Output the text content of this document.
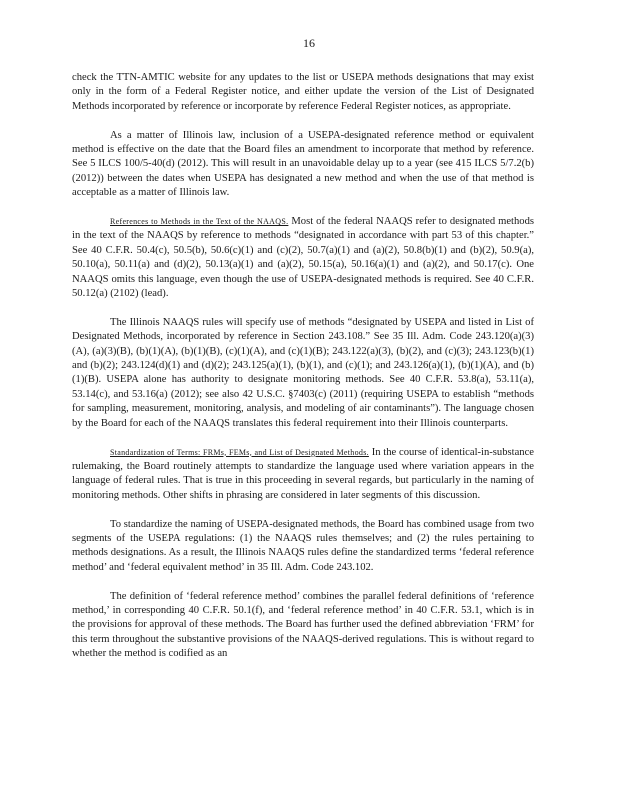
16

check the TTN-AMTIC website for any updates to the list or USEPA methods designations that may exist only in the form of a Federal Register notice, and either update the version of the List of Designated Methods incorporated by reference or incorporate by reference Federal Register notices, as appropriate.

As a matter of Illinois law, inclusion of a USEPA-designated reference method or equivalent method is effective on the date that the Board files an amendment to incorporate that method by reference. See 5 ILCS 100/5-40(d) (2012). This will result in an unavoidable delay up to a year (see 415 ILCS 5/7.2(b) (2012)) between the dates when USEPA has designated a new method and when the use of that method is acceptable as a matter of Illinois law.

References to Methods in the Text of the NAAQS. Most of the federal NAAQS refer to designated methods in the text of the NAAQS by reference to methods “designated in accordance with part 53 of this chapter.” See 40 C.F.R. 50.4(c), 50.5(b), 50.6(c)(1) and (c)(2), 50.7(a)(1) and (a)(2), 50.8(b)(1) and (b)(2), 50.9(a), 50.10(a), 50.11(a) and (d)(2), 50.13(a)(1) and (a)(2), 50.15(a), 50.16(a)(1) and (a)(2), and 50.17(c). One NAAQS omits this language, even though the use of USEPA-designated methods is required. See 40 C.F.R. 50.12(a) (2102) (lead).

The Illinois NAAQS rules will specify use of methods “designated by USEPA and listed in List of Designated Methods, incorporated by reference in Section 243.108.” See 35 Ill. Adm. Code 243.120(a)(3)(A), (a)(3)(B), (b)(1)(A), (b)(1)(B), (c)(1)(A), and (c)(1)(B); 243.122(a)(3), (b)(2), and (c)(3); 243.123(b)(1) and (b)(2); 243.124(d)(1) and (d)(2); 243.125(a)(1), (b)(1), and (c)(1); and 243.126(a)(1), (b)(1)(A), and (b)(1)(B). USEPA alone has authority to designate monitoring methods. See 40 C.F.R. 53.8(a), 53.11(a), 53.14(c), and 53.16(a) (2012); see also 42 U.S.C. §7403(c) (2011) (requiring USEPA to establish “methods for sampling, measurement, monitoring, analysis, and modeling of air contaminants”). The language chosen by the Board for each of the NAAQS translates this federal requirement into their Illinois counterparts.

Standardization of Terms: FRMs, FEMs, and List of Designated Methods. In the course of identical-in-substance rulemaking, the Board routinely attempts to standardize the language used where variation appears in the language of federal rules. That is true in this proceeding in several regards, but particularly in the naming of monitoring methods. Other shifts in phrasing are considered in later segments of this discussion.

To standardize the naming of USEPA-designated methods, the Board has combined usage from two segments of the USEPA regulations: (1) the NAAQS rules themselves; and (2) the rules pertaining to methods designations. As a result, the Illinois NAAQS rules define the standardized terms ‘federal reference method’ and ‘federal equivalent method’ in 35 Ill. Adm. Code 243.102.

The definition of ‘federal reference method’ combines the parallel federal definitions of ‘reference method,’ in corresponding 40 C.F.R. 50.1(f), and ‘federal reference method’ in 40 C.F.R. 53.1, which is in the provisions for approval of these methods. The Board has further used the defined abbreviation ‘FRM’ for this term throughout the substantive provisions of the NAAQS-derived regulations. This is without regard to whether the method is codified as an
